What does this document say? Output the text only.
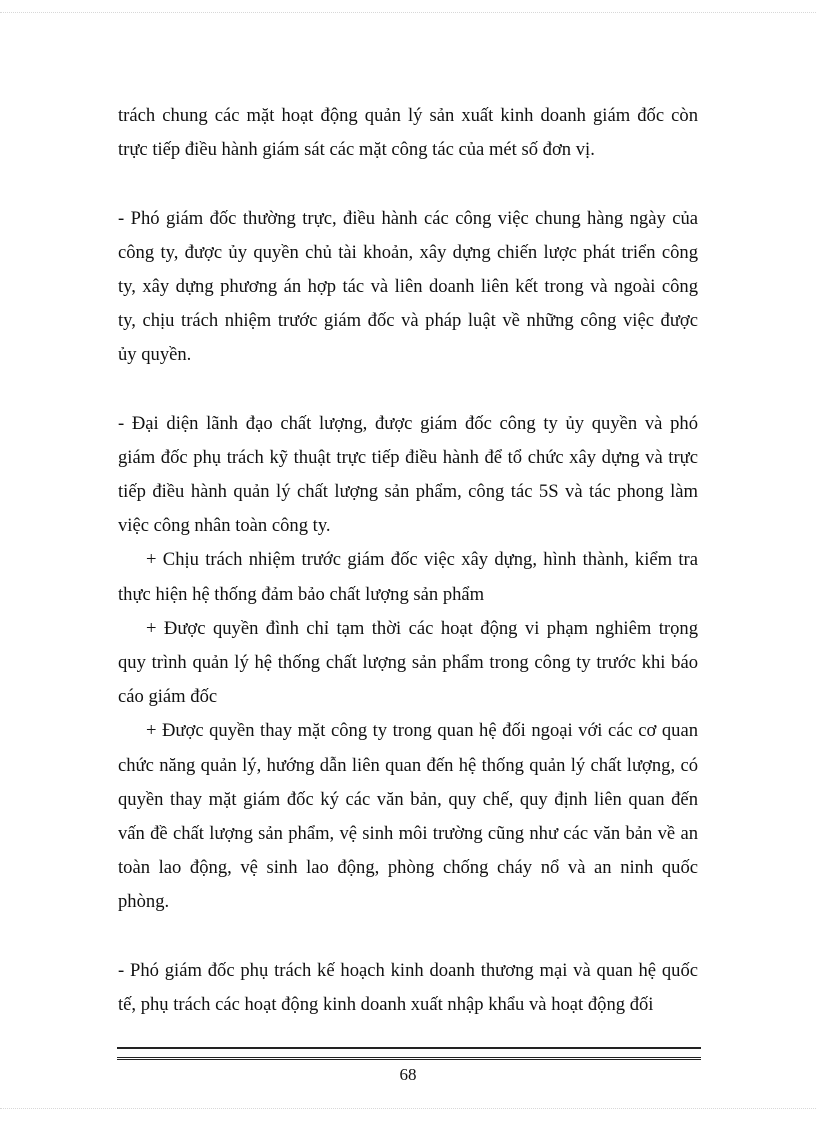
trách chung các mặt hoạt động quản lý sản xuất kinh doanh giám đốc còn
trực tiếp điều hành giám sát các mặt công tác của mét số đơn vị.
- Phó giám đốc thường trực, điều hành các công việc chung hàng ngày của
công ty, được ủy quyền chủ tài khoản, xây dựng chiến lược phát triển công
ty, xây dựng phương án hợp tác và liên doanh liên kết trong và ngoài công
ty, chịu trách nhiệm trước giám đốc và pháp luật về những công việc được
ủy quyền.
- Đại diện lãnh đạo chất lượng, được giám đốc công ty ủy quyền và phó
giám đốc phụ trách kỹ thuật trực tiếp điều hành để tổ chức xây dựng và trực
tiếp điều hành quản lý chất lượng sản phẩm, công tác 5S và tác phong làm
việc công nhân toàn công ty.
+ Chịu trách nhiệm trước giám đốc việc xây dựng, hình thành, kiểm tra
thực hiện hệ thống đảm bảo chất lượng sản phẩm
+ Được quyền đình chỉ tạm thời các hoạt động vi phạm nghiêm trọng
quy trình quản lý hệ thống chất lượng sản phẩm trong công ty trước khi báo
cáo giám đốc
+ Được quyền thay mặt công ty trong quan hệ đối ngoại với các cơ quan
chức năng quản lý, hướng dẫn liên quan đến hệ thống quản lý chất lượng, có
quyền thay mặt giám đốc ký các văn bản, quy chế, quy định liên quan đến
vấn đề chất lượng sản phẩm, vệ sinh môi trường cũng như các văn bản về an
toàn lao động, vệ sinh lao động, phòng chống cháy nổ và an ninh quốc
phòng.
- Phó giám đốc phụ trách kế hoạch kinh doanh thương mại và quan hệ quốc
tế, phụ trách các hoạt động kinh doanh xuất nhập khẩu và hoạt động đối
68
